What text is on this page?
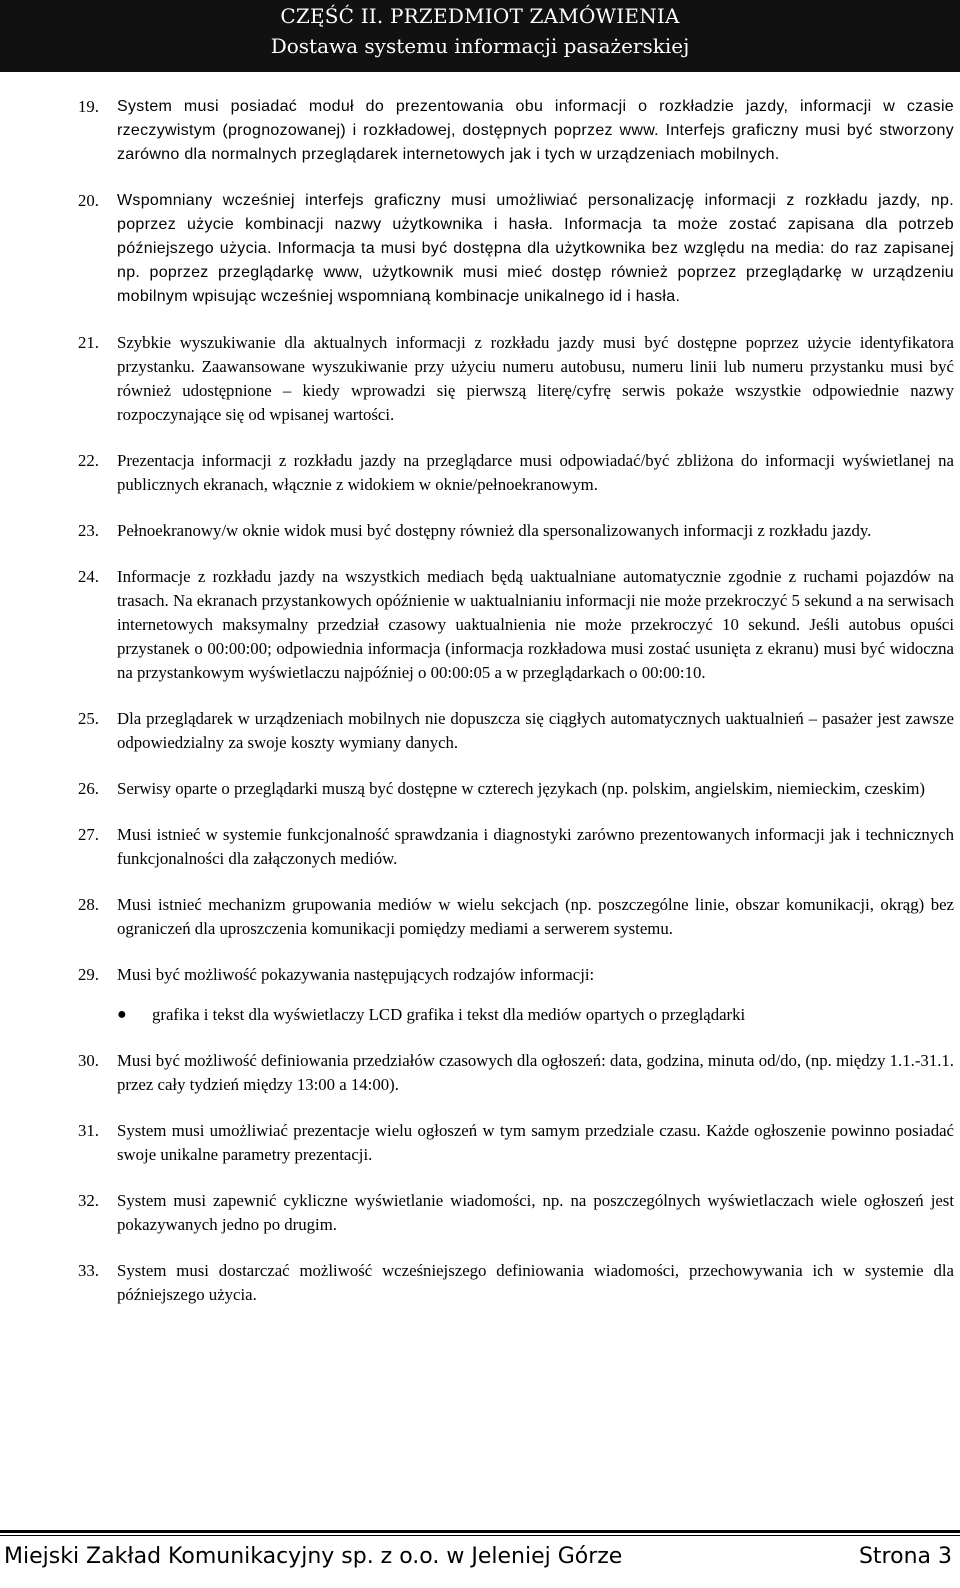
CZĘŚĆ II. PRZEDMIOT ZAMÓWIENIA
Dostawa systemu informacji pasażerskiej
19.	System musi posiadać moduł do prezentowania obu informacji o rozkładzie jazdy, informacji w czasie rzeczywistym (prognozowanej) i rozkładowej, dostępnych poprzez www. Interfejs graficzny musi być stworzony zarówno dla normalnych przeglądarek internetowych jak i tych w urządzeniach mobilnych.
20.	Wspomniany wcześniej interfejs graficzny musi umożliwiać personalizację informacji z rozkładu jazdy, np. poprzez użycie kombinacji nazwy użytkownika i hasła. Informacja ta może zostać zapisana dla potrzeb późniejszego użycia. Informacja ta musi być dostępna dla użytkownika bez względu na media: do raz zapisanej np. poprzez przeglądarkę www, użytkownik musi mieć dostęp również poprzez przeglądarkę w urządzeniu mobilnym wpisując wcześniej wspomnianą kombinacje unikalnego id i hasła.
21.	Szybkie wyszukiwanie dla aktualnych informacji z rozkładu jazdy musi być dostępne poprzez użycie identyfikatora przystanku. Zaawansowane wyszukiwanie przy użyciu numeru autobusu, numeru linii lub numeru przystanku musi być również udostępnione – kiedy wprowadzi się pierwszą literę/cyfrę serwis pokaże wszystkie odpowiednie nazwy rozpoczynające się od wpisanej wartości.
22.	Prezentacja informacji z rozkładu jazdy na przeglądarce musi odpowiadać/być zbliżona do informacji wyświetlanej na publicznych ekranach, włącznie z widokiem w oknie/pełnoekranowym.
23.	Pełnoekranowy/w oknie widok musi być dostępny również dla spersonalizowanych informacji z rozkładu jazdy.
24.	Informacje z rozkładu jazdy na wszystkich mediach będą uaktualniane automatycznie zgodnie z ruchami pojazdów na trasach. Na ekranach przystankowych opóźnienie w uaktualnianiu informacji nie może przekroczyć 5 sekund a na serwisach internetowych maksymalny przedział czasowy uaktualnienia nie może przekroczyć 10 sekund. Jeśli autobus opuści przystanek o 00:00:00; odpowiednia informacja (informacja rozkładowa musi zostać usunięta z ekranu) musi być widoczna na przystankowym wyświetlaczu najpóźniej o 00:00:05 a w przeglądarkach o 00:00:10.
25.	Dla przeglądarek w urządzeniach mobilnych nie dopuszcza się ciągłych automatycznych uaktualnień – pasażer jest zawsze odpowiedzialny za swoje koszty wymiany danych.
26.	Serwisy oparte o przeglądarki muszą być dostępne w czterech językach (np. polskim, angielskim, niemieckim, czeskim)
27.	Musi istnieć w systemie funkcjonalność sprawdzania i diagnostyki zarówno prezentowanych informacji jak i technicznych funkcjonalności dla załączonych mediów.
28.	Musi istnieć mechanizm grupowania mediów w wielu sekcjach (np. poszczególne linie, obszar komunikacji, okrąg) bez ograniczeń dla uproszczenia komunikacji pomiędzy mediami a serwerem systemu.
29.	Musi być możliwość pokazywania następujących rodzajów informacji:
●	grafika i tekst dla wyświetlaczy LCD grafika i tekst dla mediów opartych o przeglądarki
30.	Musi być możliwość definiowania przedziałów czasowych dla ogłoszeń: data, godzina, minuta od/do, (np. między 1.1.-31.1. przez cały tydzień między 13:00 a 14:00).
31.	System musi umożliwiać prezentacje wielu ogłoszeń w tym samym przedziale czasu. Każde ogłoszenie powinno posiadać swoje unikalne parametry prezentacji.
32.	System musi zapewnić cykliczne wyświetlanie wiadomości, np. na poszczególnych wyświetlaczach wiele ogłoszeń jest pokazywanych jedno po drugim.
33.	System musi dostarczać możliwość wcześniejszego definiowania wiadomości, przechowywania ich w systemie dla późniejszego użycia.
Miejski Zakład Komunikacyjny sp. z o.o. w Jeleniej Górze	Strona 3
